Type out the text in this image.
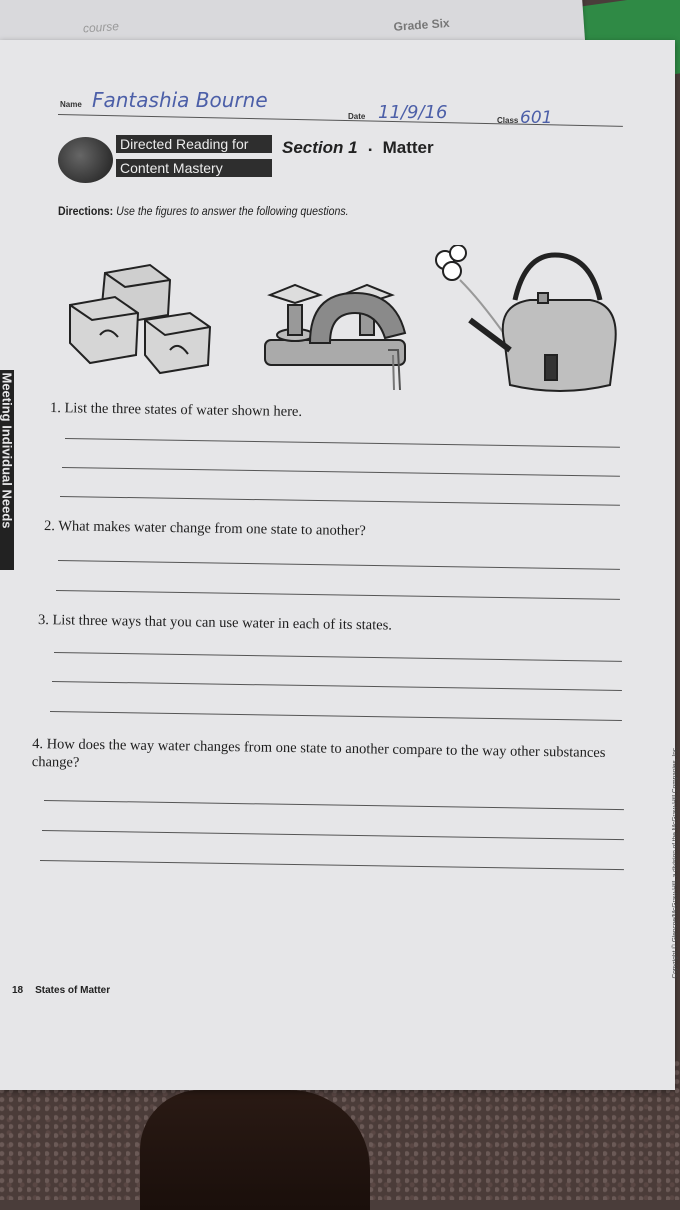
Grade Six
course
Meeting Individual Needs
Name Fantashia Bourne
Date 11/9/16	Class 601
Directed Reading for
Content Mastery
Section 1 ▪ Matter
Directions: Use the figures to answer the following questions.
1. List the three states of water shown here.
2. What makes water change from one state to another?
3. List three ways that you can use water in each of its states.
4. How does the way water changes from one state to another compare to the way other substances change?
18 States of Matter
Copyright © Glencoe/McGraw-Hill, a division of the McGraw-Hill Companies, Inc.
